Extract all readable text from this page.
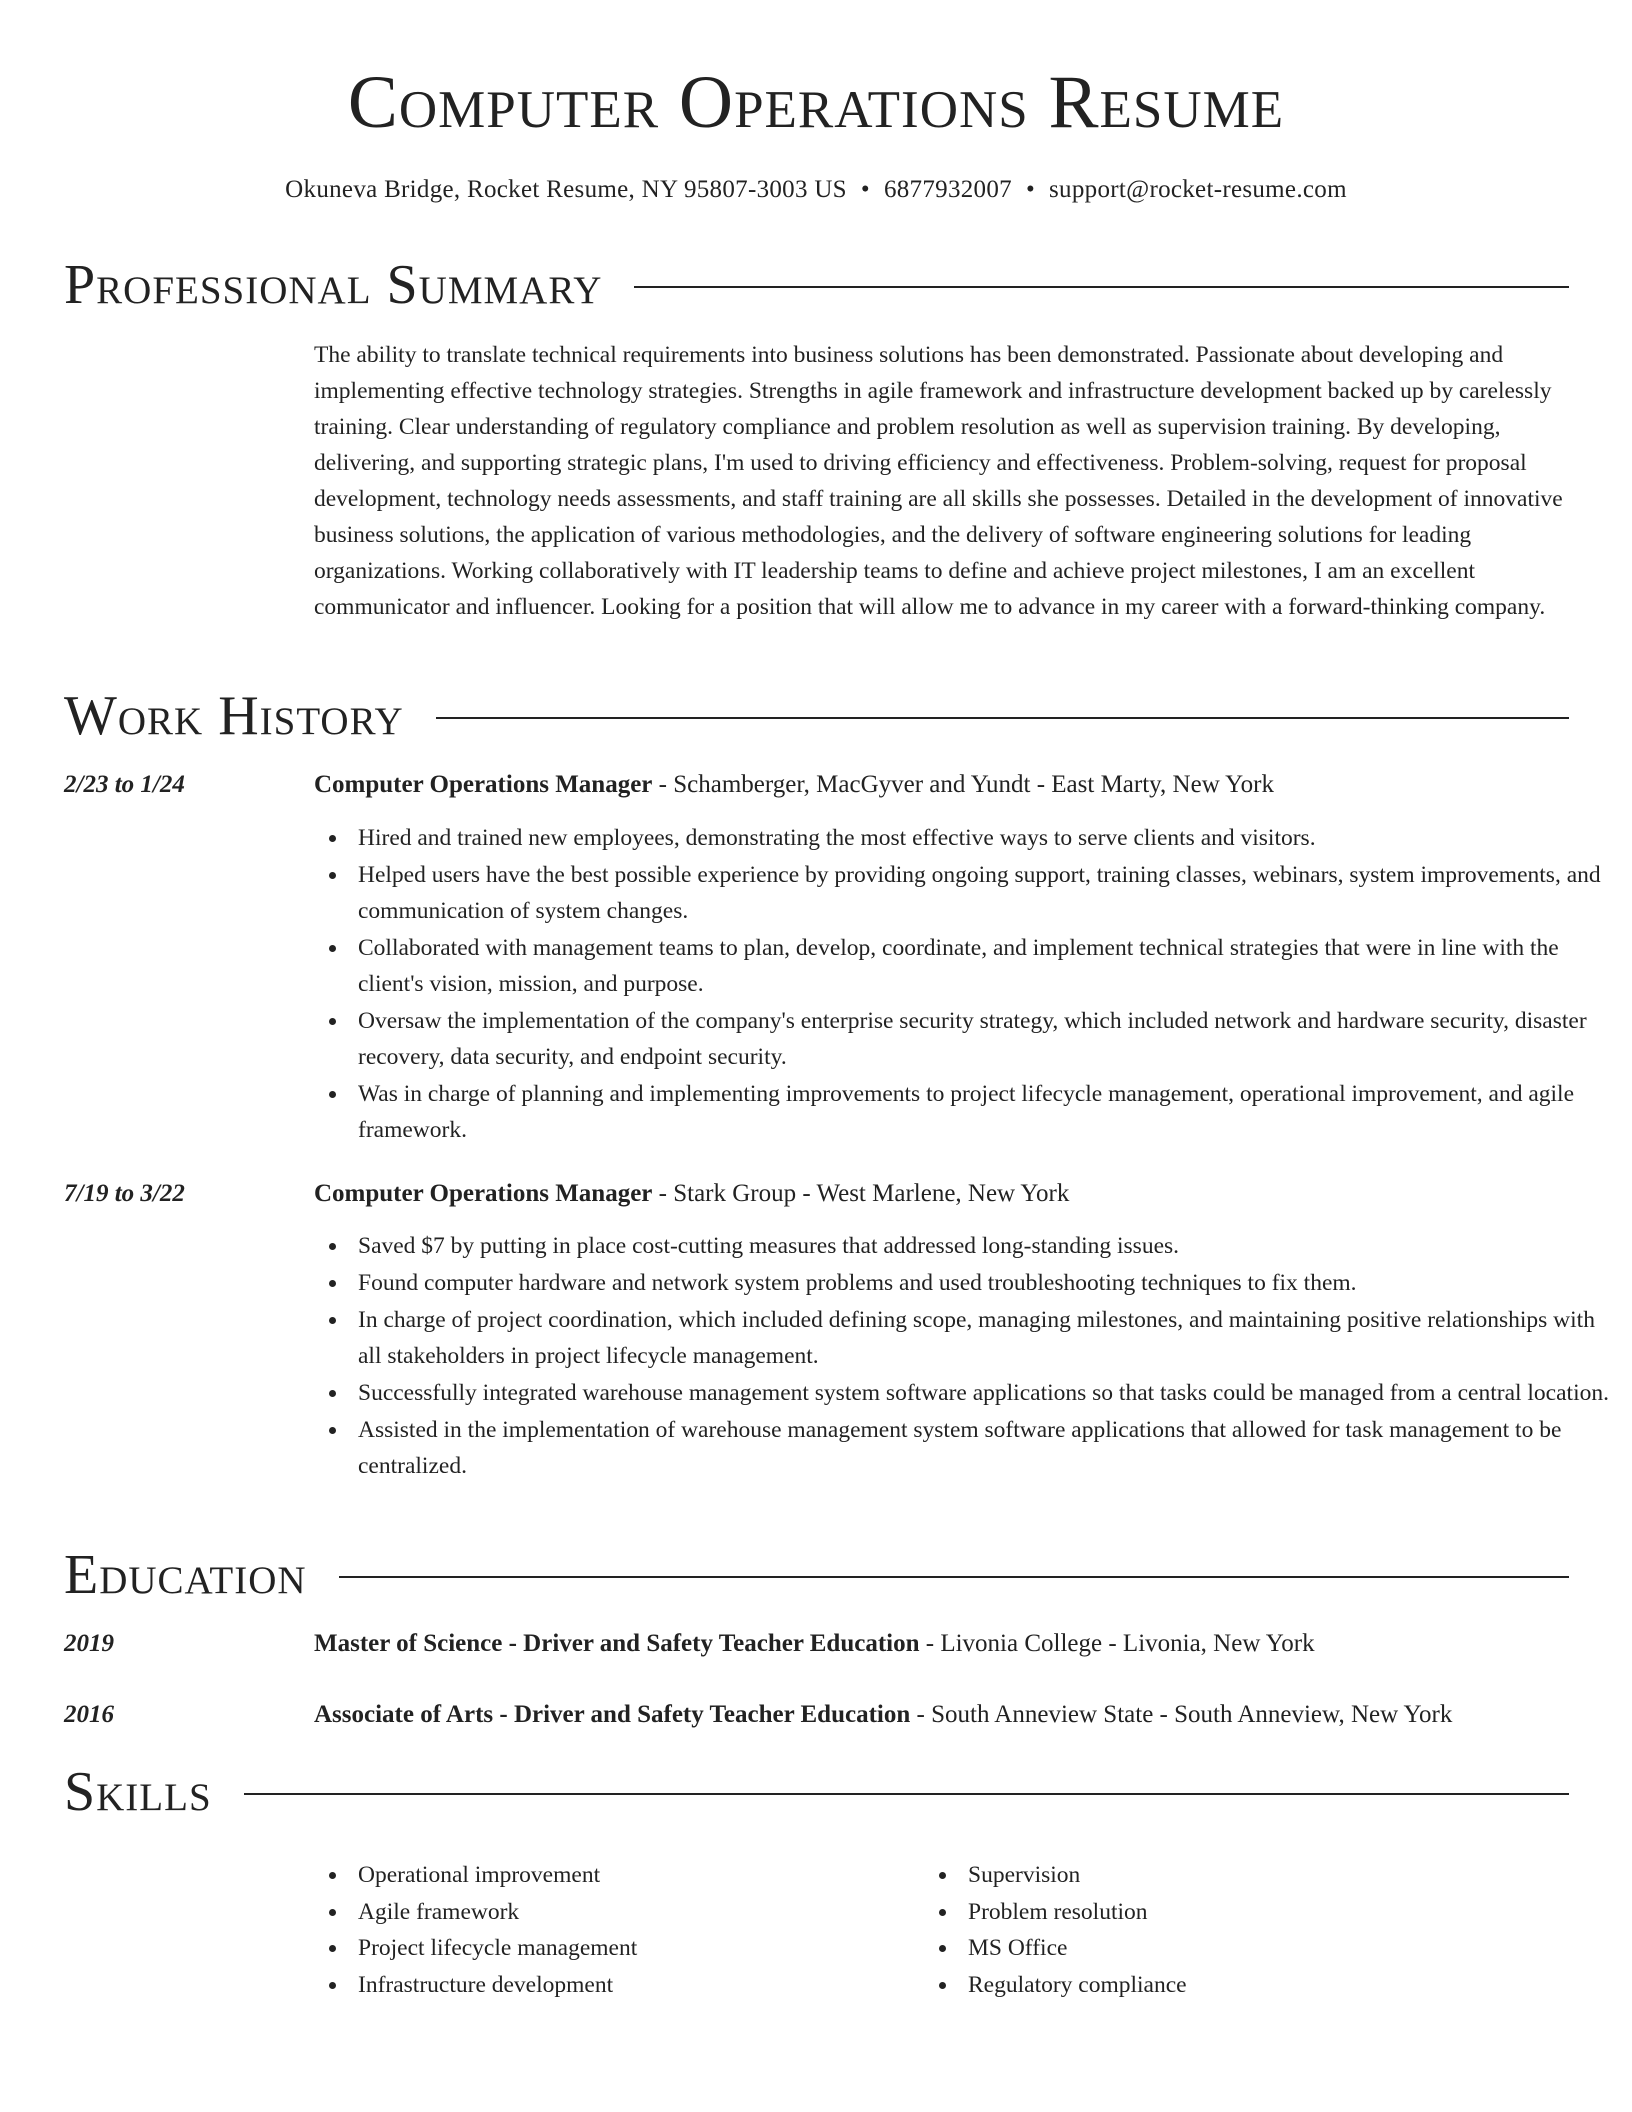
Computer Operations Resume
Okuneva Bridge, Rocket Resume, NY 95807-3003 US • 6877932007 • support@rocket-resume.com
Professional Summary
The ability to translate technical requirements into business solutions has been demonstrated. Passionate about developing and implementing effective technology strategies. Strengths in agile framework and infrastructure development backed up by carelessly training. Clear understanding of regulatory compliance and problem resolution as well as supervision training. By developing, delivering, and supporting strategic plans, I'm used to driving efficiency and effectiveness. Problem-solving, request for proposal development, technology needs assessments, and staff training are all skills she possesses. Detailed in the development of innovative business solutions, the application of various methodologies, and the delivery of software engineering solutions for leading organizations. Working collaboratively with IT leadership teams to define and achieve project milestones, I am an excellent communicator and influencer. Looking for a position that will allow me to advance in my career with a forward-thinking company.
Work History
2/23 to 1/24	Computer Operations Manager - Schamberger, MacGyver and Yundt - East Marty, New York
Hired and trained new employees, demonstrating the most effective ways to serve clients and visitors.
Helped users have the best possible experience by providing ongoing support, training classes, webinars, system improvements, and communication of system changes.
Collaborated with management teams to plan, develop, coordinate, and implement technical strategies that were in line with the client's vision, mission, and purpose.
Oversaw the implementation of the company's enterprise security strategy, which included network and hardware security, disaster recovery, data security, and endpoint security.
Was in charge of planning and implementing improvements to project lifecycle management, operational improvement, and agile framework.
7/19 to 3/22	Computer Operations Manager - Stark Group - West Marlene, New York
Saved $7 by putting in place cost-cutting measures that addressed long-standing issues.
Found computer hardware and network system problems and used troubleshooting techniques to fix them.
In charge of project coordination, which included defining scope, managing milestones, and maintaining positive relationships with all stakeholders in project lifecycle management.
Successfully integrated warehouse management system software applications so that tasks could be managed from a central location.
Assisted in the implementation of warehouse management system software applications that allowed for task management to be centralized.
Education
2019	Master of Science - Driver and Safety Teacher Education - Livonia College - Livonia, New York
2016	Associate of Arts - Driver and Safety Teacher Education - South Anneview State - South Anneview, New York
Skills
Operational improvement
Agile framework
Project lifecycle management
Infrastructure development
Supervision
Problem resolution
MS Office
Regulatory compliance
